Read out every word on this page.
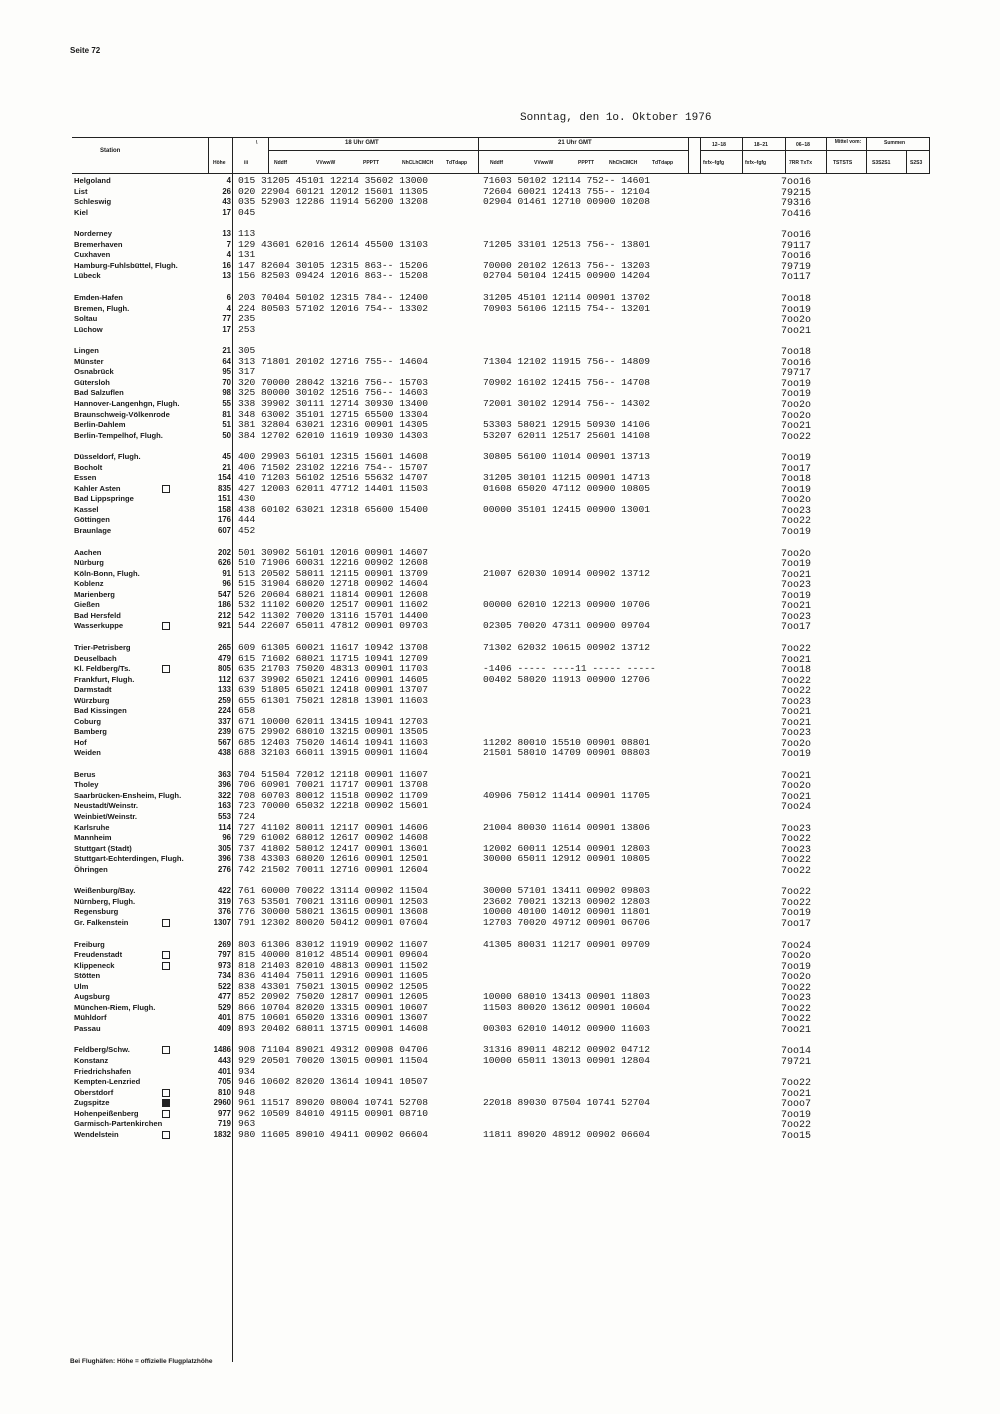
Seite 72
Sonntag, den 1o. Oktober 1976
Station
Höhe	iii
\	18 Uhr GMT	21 Uhr GMT
Nddff	VVwwW	PPPTT	NhCLhCMCH	TdTdapp	Nddff	VVwwW	PPPTT	NhChCMCH	TdTdapp
12–18	18–21	06–18
fxfx–fgfg	fxfx–fgfg	7RR TxTx
Mittel vom:	Summen
TSTSTS	S3S2S1	S2S3
Helgoland	4 015 31205 45101 12214 35602 13000	71603 50102 12114 752-- 14601	7oo16
List	26 020 22904 60121 12012 15601 11305	72604 60021 12413 755-- 12104	79215
Schleswig	43 035 52903 12286 11914 56200 13208	02904 01461 12710 00900 10208	79316
Kiel	17 045	7o416
Norderney	13 113	7oo16
Bremerhaven	7 129 43601 62016 12614 45500 13103	71205 33101 12513 756-- 13801	79117
Cuxhaven	4 131	7oo16
Hamburg-Fuhlsbüttel, Flugh.	16 147 82604 30105 12315 863-- 15206	70000 20102 12613 756-- 13203	79719
Lübeck	13 156 82503 09424 12016 863-- 15208	02704 50104 12415 00900 14204	7o117
Emden-Hafen	6 203 70404 50102 12315 784-- 12400	31205 45101 12114 00901 13702	7oo18
Bremen, Flugh.	4 224 80503 57102 12016 754-- 13302	70903 56106 12115 754-- 13201	7oo19
Soltau	77 235	7oo2o
Lüchow	17 253	7oo21
Lingen	21 305	7oo18
Münster	64 313 71801 20102 12716 755-- 14604	71304 12102 11915 756-- 14809	7oo16
Osnabrück	95 317	79717
Gütersloh	70 320 70000 28042 13216 756-- 15703	70902 16102 12415 756-- 14708	7oo19
Bad Salzuflen	98 325 80000 30102 12516 756-- 14603	7oo19
Hannover-Langenhgn, Flugh.	55 338 39902 30111 12714 30930 13400	72001 30102 12914 756-- 14302	7oo2o
Braunschweig-Völkenrode	81 348 63002 35101 12715 65500 13304	7oo2o
Berlin-Dahlem	51 381 32804 63021 12316 00901 14305	53303 58021 12915 50930 14106	7oo21
Berlin-Tempelhof, Flugh.	50 384 12702 62010 11619 10930 14303	53207 62011 12517 25601 14108	7oo22
Düsseldorf, Flugh.	45 400 29903 56101 12315 15601 14608	30805 56100 11014 00901 13713	7oo19
Bocholt	21 406 71502 23102 12216 754-- 15707	7oo17
Essen	154 410 71203 56102 12516 55632 14707	31205 30101 11215 00901 14713	7oo18
Kahler Asten	835 427 12003 62011 47712 14401 11503	01608 65020 47112 00900 10805	7oo19
Bad Lippspringe	151 430	7oo2o
Kassel	158 438 60102 63021 12318 65600 15400	00000 35101 12415 00900 13001	7oo23
Göttingen	176 444	7oo22
Braunlage	607 452	7oo19
Aachen	202 501 30902 56101 12016 00901 14607	7oo2o
Nürburg	626 510 71906 60031 12216 00902 12608	7oo19
Köln-Bonn, Flugh.	91 513 20502 58011 12115 00901 13709	21007 62030 10914 00902 13712	7oo21
Koblenz	96 515 31904 68020 12718 00902 14604	7oo23
Marienberg	547 526 20604 68021 11814 00901 12608	7oo19
Gießen	186 532 11102 60020 12517 00901 11602	00000 62010 12213 00900 10706	7oo21
Bad Hersfeld	212 542 11302 70020 13116 15701 14400	7oo23
Wasserkuppe	921 544 22607 65011 47812 00901 09703	02305 70020 47311 00900 09704	7oo17
Trier-Petrisberg	265 609 61305 60021 11617 10942 13708	71302 62032 10615 00902 13712	7oo22
Deuselbach	479 615 71602 68021 11715 10941 12709	7oo21
Kl. Feldberg/Ts.	805 635 21703 75020 48313 00901 11703	-1406 ----- ----11 ----- -----	7oo18
Frankfurt, Flugh.	112 637 39902 65021 12416 00901 14605	00402 58020 11913 00900 12706	7oo22
Darmstadt	133 639 51805 65021 12418 00901 13707	7oo22
Würzburg	259 655 61301 75021 12818 13901 11603	7oo23
Bad Kissingen	224 658	7oo21
Coburg	337 671 10000 62011 13415 10941 12703	7oo21
Bamberg	239 675 29902 68010 13215 00901 13505	7oo23
Hof	567 685 12403 75020 14614 10941 11603	11202 80010 15510 00901 08801	7oo2o
Weiden	438 688 32103 66011 13915 00901 11604	21501 58010 14709 00901 08803	7oo19
Berus	363 704 51504 72012 12118 00901 11607	7oo21
Tholey	396 706 60901 70021 11717 00901 13708	7oo2o
Saarbrücken-Ensheim, Flugh.	322 708 60703 80012 11518 00902 11709	40906 75012 11414 00901 11705	7oo21
Neustadt/Weinstr.	163 723 70000 65032 12218 00902 15601	7oo24
Weinbiet/Weinstr.	553 724
Karlsruhe	114 727 41102 80011 12117 00901 14606	21004 80030 11614 00901 13806	7oo23
Mannheim	96 729 61002 68012 12617 00902 14608	7oo22
Stuttgart (Stadt)	305 737 41802 58012 12417 00901 13601	12002 60011 12514 00901 12803	7oo23
Stuttgart-Echterdingen, Flugh.	396 738 43303 68020 12616 00901 12501	30000 65011 12912 00901 10805	7oo22
Öhringen	276 742 21502 70011 12716 00901 12604	7oo22
Weißenburg/Bay.	422 761 60000 70022 13114 00902 11504	30000 57101 13411 00902 09803	7oo22
Nürnberg, Flugh.	319 763 53501 70021 13116 00901 12503	23602 70021 13213 00902 12803	7oo22
Regensburg	376 776 30000 58021 13615 00901 13608	10000 40100 14012 00901 11801	7oo19
Gr. Falkenstein	1307 791 12302 80020 50412 00901 07604	12703 70020 49712 00901 06706	7oo17
Freiburg	269 803 61306 83012 11919 00902 11607	41305 80031 11217 00901 09709	7oo24
Freudenstadt	797 815 40000 81012 48514 00901 09604	7oo2o
Klippeneck	973 818 21403 82010 48813 00901 11502	7oo19
Stötten	734 836 41404 75011 12916 00901 11605	7oo2o
Ulm	522 838 43301 75021 13015 00902 12505	7oo22
Augsburg	477 852 20902 75020 12817 00901 12605	10000 68010 13413 00901 11803	7oo23
München-Riem, Flugh.	529 866 10704 82020 13315 00901 10607	11503 80020 13612 00901 10604	7oo22
Mühldorf	401 875 10601 65020 13316 00901 13607	7oo22
Passau	409 893 20402 68011 13715 00901 14608	00303 62010 14012 00900 11603	7oo21
Feldberg/Schw.	1486 908 71104 89021 49312 00908 04706	31316 89011 48212 00902 04712	7oo14
Konstanz	443 929 20501 70020 13015 00901 11504	10000 65011 13013 00901 12804	79721
Friedrichshafen	401 934
Kempten-Lenzried	705 946 10602 82020 13614 10941 10507	7oo22
Oberstdorf	810 948	7oo21
Zugspitze	2960 961 11517 89020 08004 10741 52708	22018 89030 07504 10741 52704	7ooo7
Hohenpeißenberg	977 962 10509 84010 49115 00901 08710	7oo19
Garmisch-Partenkirchen	719 963	7oo22
Wendelstein	1832 980 11605 89010 49411 00902 06604	11811 89020 48912 00902 06604	7oo15
Bei Flughäfen: Höhe = offizielle Flugplatzhöhe
